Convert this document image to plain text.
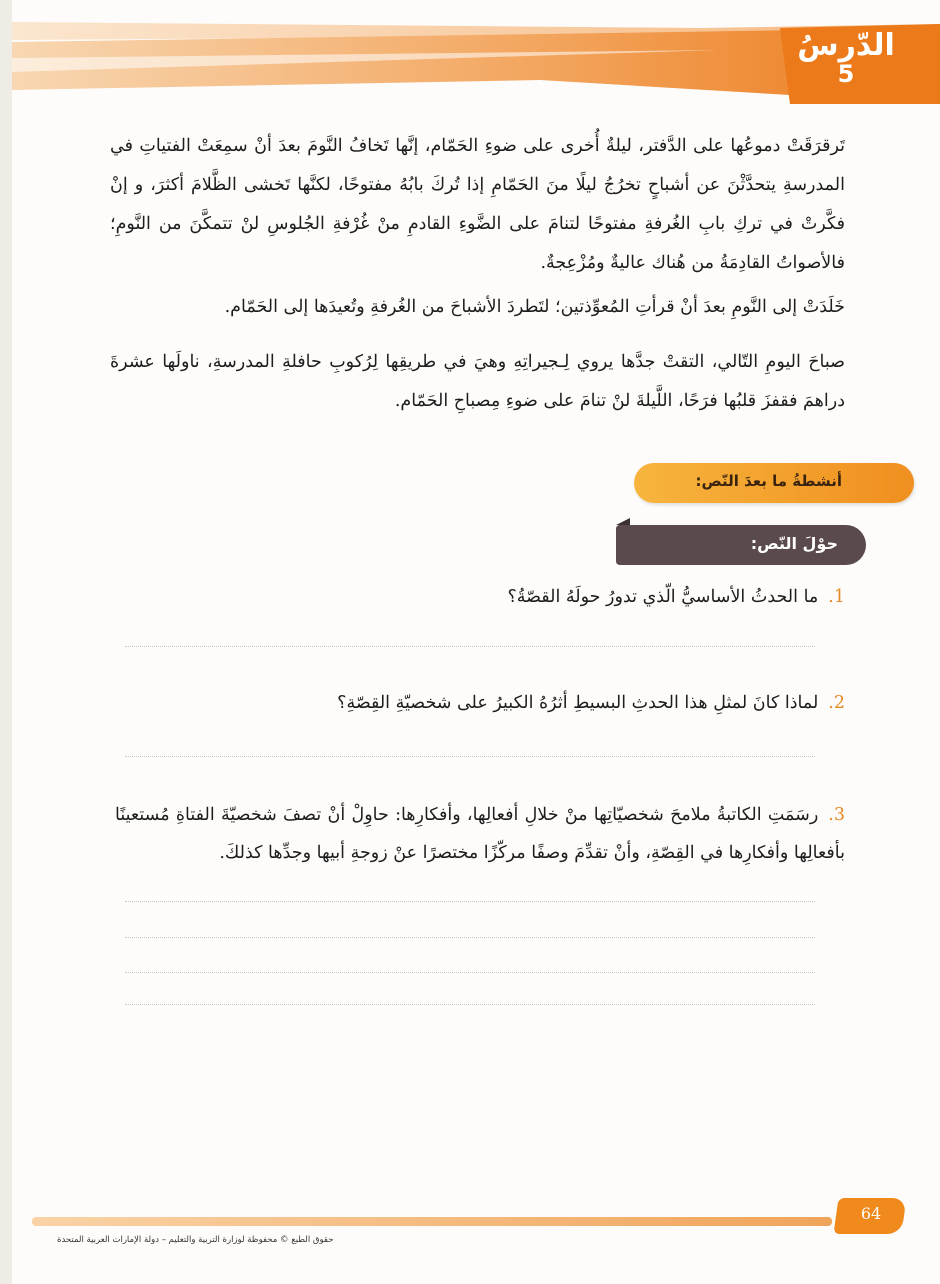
الدّرسُ
5

تَرقرَقَتْ دموعُها على الدَّفتر، ليلةٌ أُخرى على ضوءِ الحَمّام، إنَّها تَخافُ النَّومَ بعدَ أنْ سمِعَتْ الفتياتِ في المدرسةِ يتحدَّثْنَ عن أشباحٍ تخرُجُ ليلًا منَ الحَمّامِ إذا تُركَ بابُهُ مفتوحًا، لكنَّها تَخشى الظَّلامَ أكثرَ، و إنْ فكَّرتْ في تركِ بابِ الغُرفةِ مفتوحًا لتنامَ على الضَّوءِ القادمِ منْ غُرْفةِ الجُلوسِ لنْ تتمكَّنَ من النَّومِ؛ فالأصواتُ القادِمَةُ من هُناك عاليةٌ ومُزْعِجةٌ.

خَلَدَتْ إلى النَّومِ بعدَ أنْ قرأتِ المُعوِّذتين؛ لتَطردَ الأشباحَ من الغُرفةِ وتُعيدَها إلى الحَمّام.

صباحَ اليومِ التّالي، التقتْ جدَّها يروي لِـجيراتِهِ وهيَ في طريقِها لِرُكوبِ حافلةِ المدرسةِ، ناولَها عشرةَ دراهمَ فقفزَ قلبُها فرَحًا، اللَّيلةَ لنْ تنامَ على ضوءِ مِصباحِ الحَمّام.

أنشطةُ ما بعدَ النّص:
حوْلَ النّص:
1.ما الحدثُ الأساسيُّ الّذي تدورُ حولَهُ القصّةُ؟
2.لماذا كانَ لمثلِ هذا الحدثِ البسيطِ أثرُهُ الكبيرُ على شخصيّةِ القِصّةِ؟
3.رسَمَتِ الكاتبةُ ملامحَ شخصيّاتِها منْ خلالِ أفعالِها، وأفكارِها: حاوِلْ أنْ تصفَ شخصيّةَ الفتاةِ مُستعينًا بأفعالِها وأفكارِها في القِصّةِ، وأنْ تقدِّمَ وصفًا مركّزًا مختصرًا عنْ زوجةِ أبيها وجدِّها كذلكَ.
64
حقوق الطبع © محفوظة لوزارة التربية والتعليم – دولة الإمارات العربية المتحدة
